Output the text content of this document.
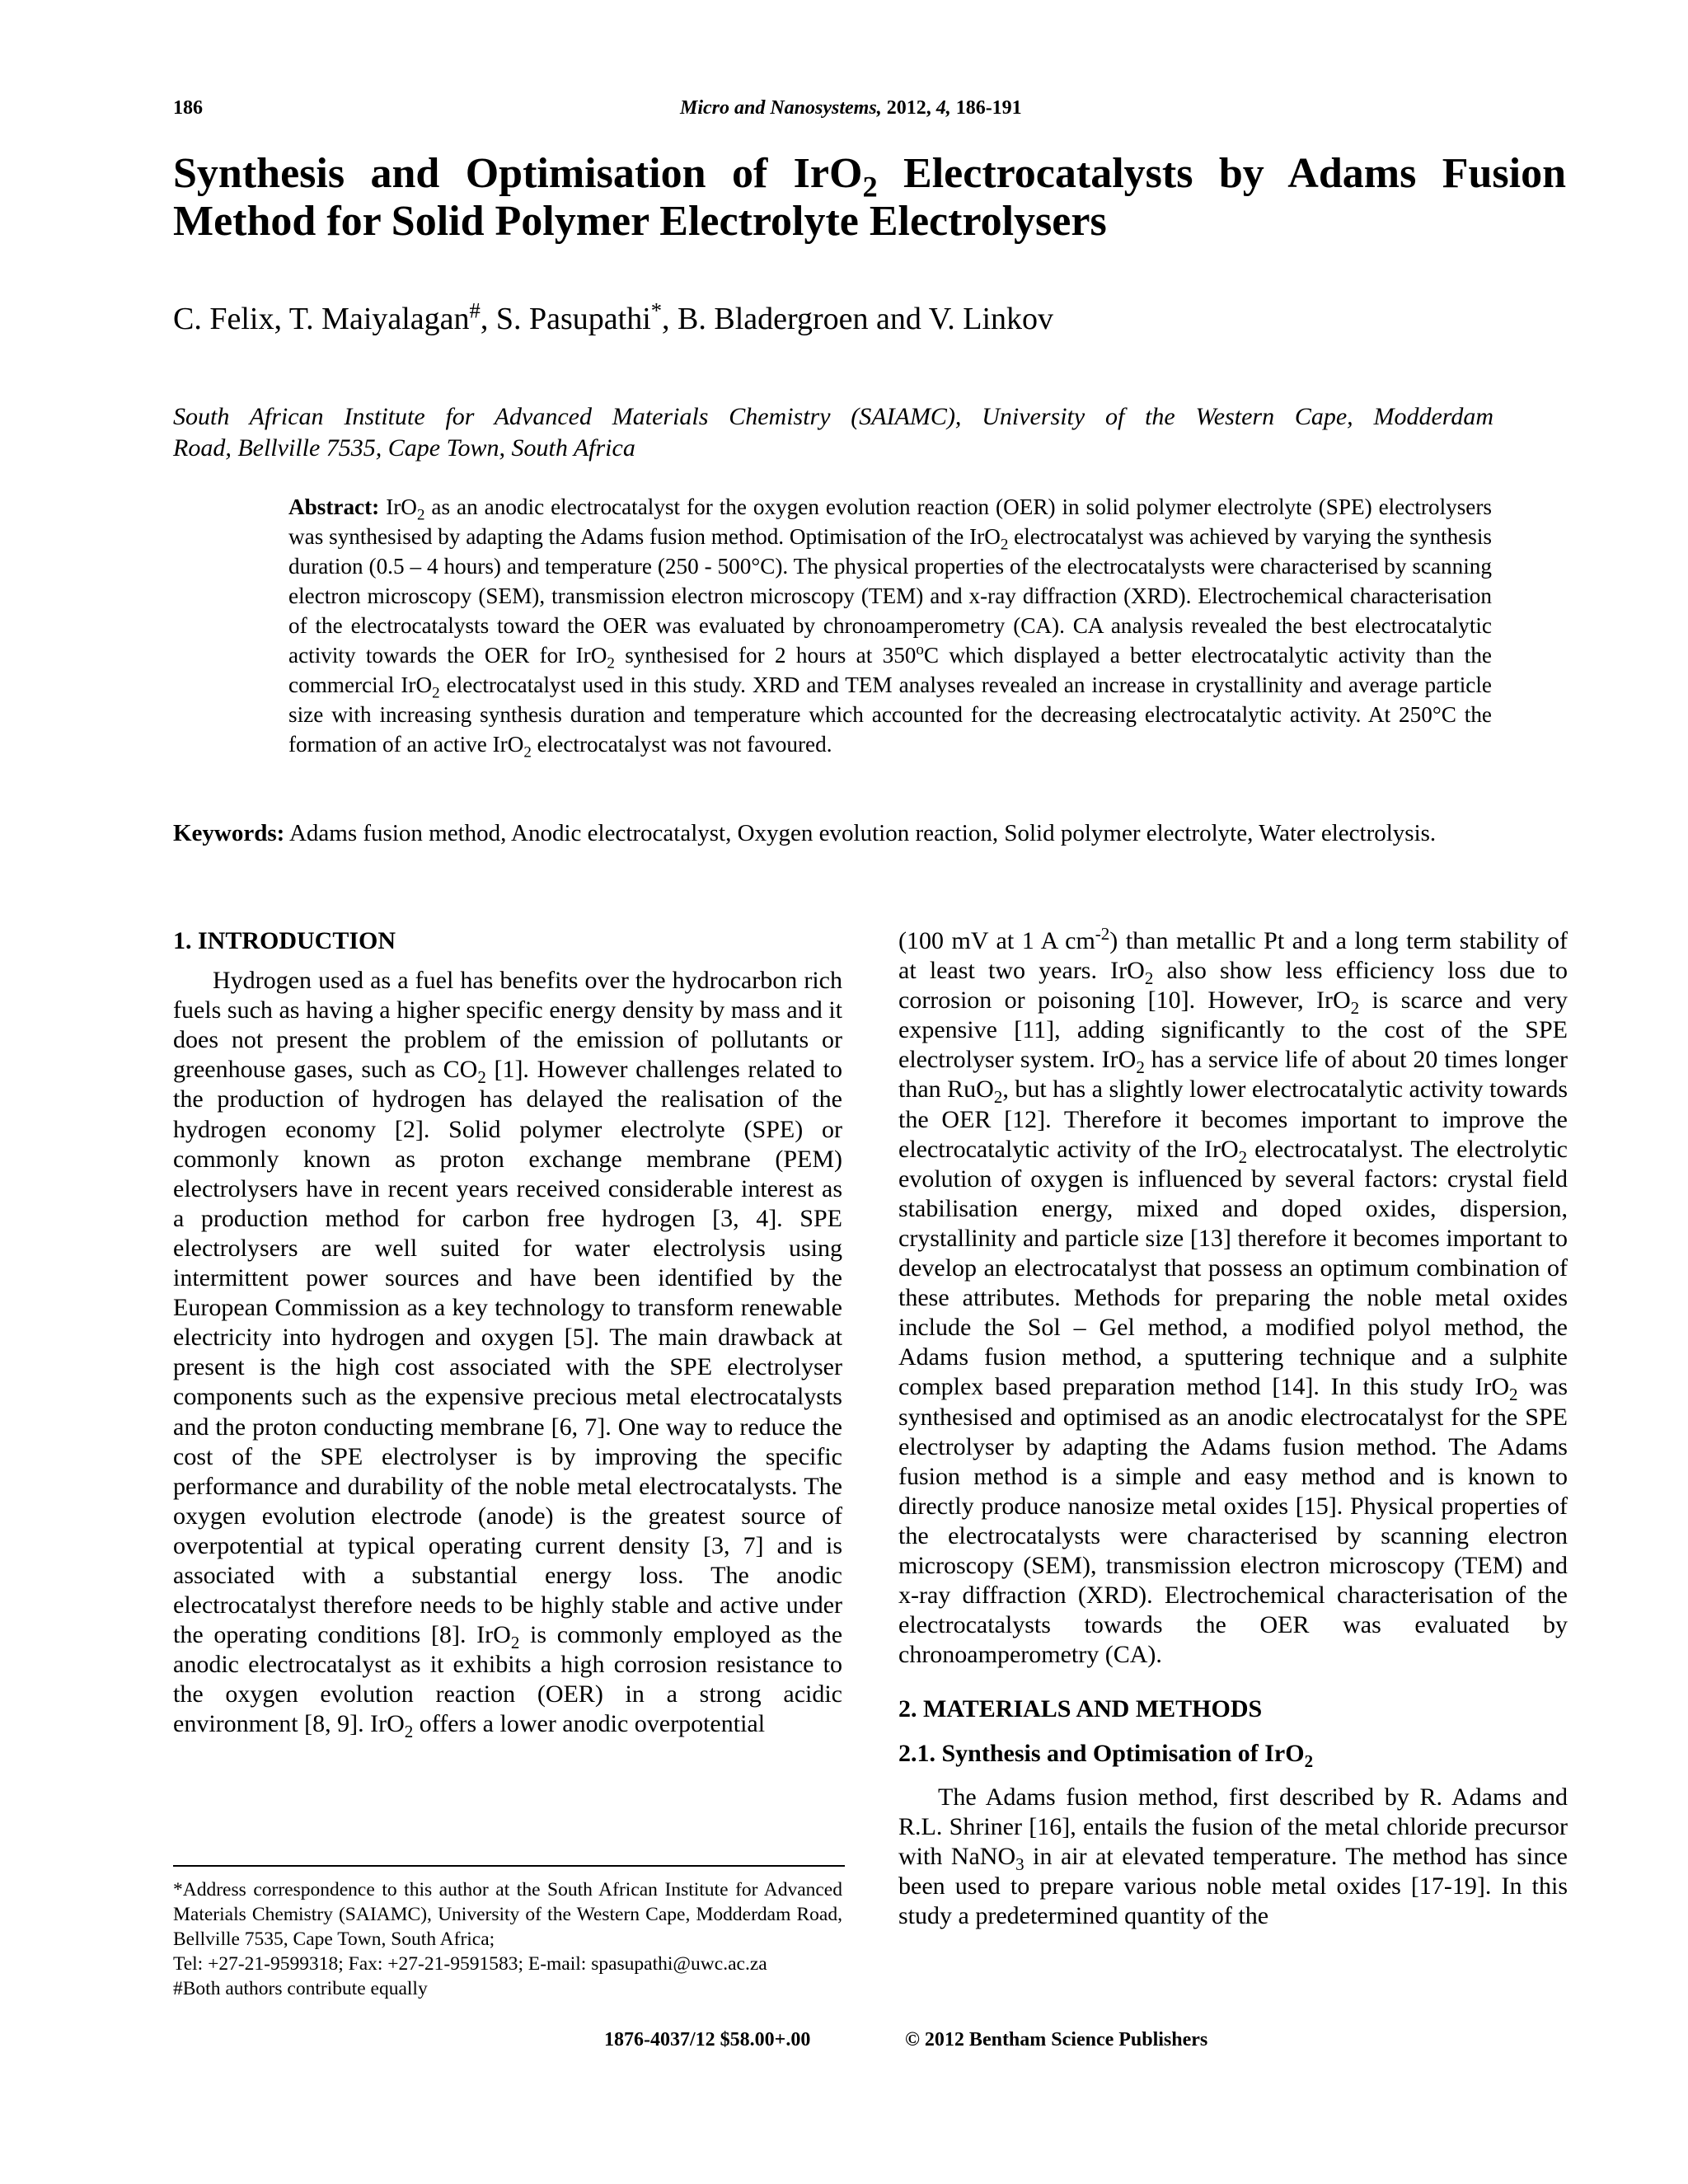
186	Micro and Nanosystems, 2012, 4, 186-191
Synthesis and Optimisation of IrO$_2$ Electrocatalysts by Adams Fusion
Method for Solid Polymer Electrolyte Electrolysers
C. Felix, T. Maiyalagan#, S. Pasupathi*, B. Bladergroen and V. Linkov
South African Institute for Advanced Materials Chemistry (SAIAMC), University of the Western Cape, Modderdam
Road, Bellville 7535, Cape Town, South Africa
Abstract: IrO$_2$ as an anodic electrocatalyst for the oxygen evolution reaction (OER) in solid polymer electrolyte (SPE) electrolysers was synthesised by adapting the Adams fusion method. Optimisation of the IrO$_2$ electrocatalyst was achieved by varying the synthesis duration (0.5 – 4 hours) and temperature (250 - 500°C). The physical properties of the electrocatalysts were characterised by scanning electron microscopy (SEM), transmission electron microscopy (TEM) and x-ray diffraction (XRD). Electrochemical characterisation of the electrocatalysts toward the OER was evaluated by chronoamperometry (CA). CA analysis revealed the best electrocatalytic activity towards the OER for IrO$_2$ synthesised for 2 hours at 350$^o$C which displayed a better electrocatalytic activity than the commercial IrO$_2$ electrocatalyst used in this study. XRD and TEM analyses revealed an increase in crystallinity and average particle size with increasing synthesis duration and temperature which accounted for the decreasing electrocatalytic activity. At 250°C the formation of an active IrO$_2$ electrocatalyst was not favoured.
Keywords: Adams fusion method, Anodic electrocatalyst, Oxygen evolution reaction, Solid polymer electrolyte, Water electrolysis.

1. INTRODUCTION

Hydrogen used as a fuel has benefits over the hydrocarbon rich fuels such as having a higher specific energy density by mass and it does not present the problem of the emission of pollutants or greenhouse gases, such as $CO_2$ [1]. However challenges related to the production of hydrogen has delayed the realisation of the hydrogen economy [2]. Solid polymer electrolyte (SPE) or commonly known as proton exchange membrane (PEM) electrolysers have in recent years received considerable interest as a production method for carbon free hydrogen [3, 4]. SPE electrolysers are well suited for water electrolysis using intermittent power sources and have been identified by the European Commission as a key technology to transform renewable electricity into hydrogen and oxygen [5]. The main drawback at present is the high cost associated with the SPE electrolyser components such as the expensive precious metal electrocatalysts and the proton conducting membrane [6, 7]. One way to reduce the cost of the SPE electrolyser is by improving the specific performance and durability of the noble metal electrocatalysts. The oxygen evolution electrode (anode) is the greatest source of overpotential at typical operating current density [3, 7] and is associated with a substantial energy loss. The anodic electrocatalyst therefore needs to be highly stable and active under the operating conditions [8]. IrO$_2$ is commonly employed as the anodic electrocatalyst as it exhibits a high corrosion resistance to the oxygen evolution reaction (OER) in a strong acidic environment [8, 9]. IrO$_2$ offers a lower anodic overpotential

(100 mV at 1 A $cm^{-2}$) than metallic Pt and a long term stability of at least two years. IrO$_2$ also show less efficiency loss due to corrosion or poisoning [10]. However, IrO$_2$ is scarce and very expensive [11], adding significantly to the cost of the SPE electrolyser system. IrO$_2$ has a service life of about 20 times longer than RuO$_2$, but has a slightly lower electrocatalytic activity towards the OER [12]. Therefore it becomes important to improve the electrocatalytic activity of the IrO$_2$ electrocatalyst. The electrolytic evolution of oxygen is influenced by several factors: crystal field stabilisation energy, mixed and doped oxides, dispersion, crystallinity and particle size [13] therefore it becomes important to develop an electrocatalyst that possess an optimum combination of these attributes. Methods for preparing the noble metal oxides include the Sol – Gel method, a modified polyol method, the Adams fusion method, a sputtering technique and a sulphite complex based preparation method [14]. In this study IrO$_2$ was synthesised and optimised as an anodic electrocatalyst for the SPE electrolyser by adapting the Adams fusion method. The Adams fusion method is a simple and easy method and is known to directly produce nanosize metal oxides [15]. Physical properties of the electrocatalysts were characterised by scanning electron microscopy (SEM), transmission electron microscopy (TEM) and x-ray diffraction (XRD). Electrochemical characterisation of the electrocatalysts towards the OER was evaluated by chronoamperometry (CA).

2. MATERIALS AND METHODS

2.1. Synthesis and Optimisation of IrO$_2$

The Adams fusion method, first described by R. Adams and R.L. Shriner [16], entails the fusion of the metal chloride precursor with NaNO$_3$ in air at elevated temperature. The method has since been used to prepare various noble metal oxides [17-19]. In this study a predetermined quantity of the

*Address correspondence to this author at the South African Institute for Advanced Materials Chemistry (SAIAMC), University of the Western Cape, Modderdam Road, Bellville 7535, Cape Town, South Africa;
Tel: +27-21-9599318; Fax: +27-21-9591583; E-mail: spasupathi@uwc.ac.za
#Both authors contribute equally
1876-4037/12 $58.00+.00	© 2012 Bentham Science Publishers
